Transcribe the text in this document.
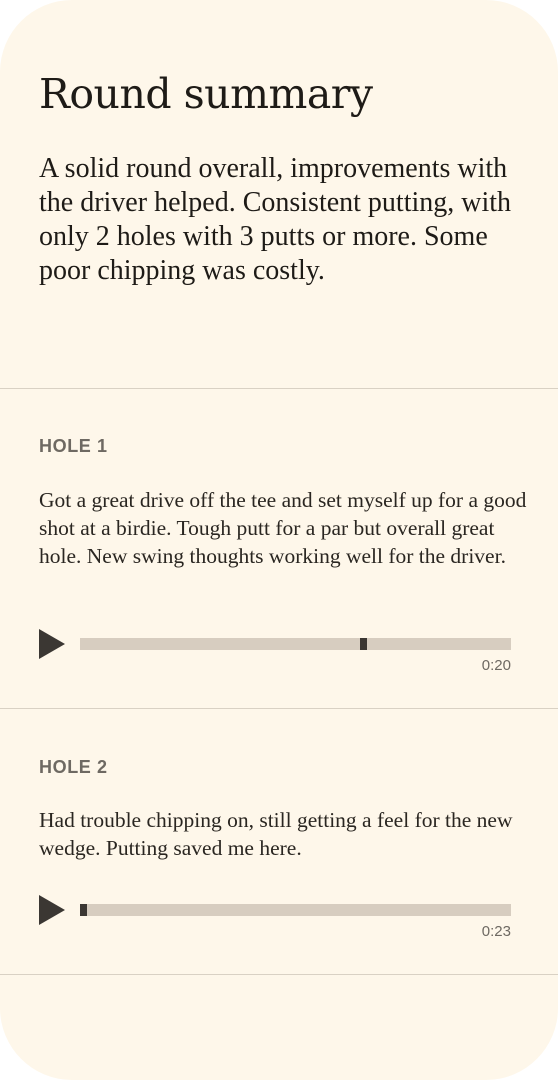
Round summary

A solid round overall, improvements with the driver helped. Consistent putting, with only 2 holes with 3 putts or more. Some poor chipping was costly.

HOLE 1

Got a great drive off the tee and set myself up for a good shot at a birdie. Tough putt for a par but overall great hole. New swing thoughts working well for the driver.

0:20

HOLE 2

Had trouble chipping on, still getting a feel for the new wedge. Putting saved me here.

0:23
